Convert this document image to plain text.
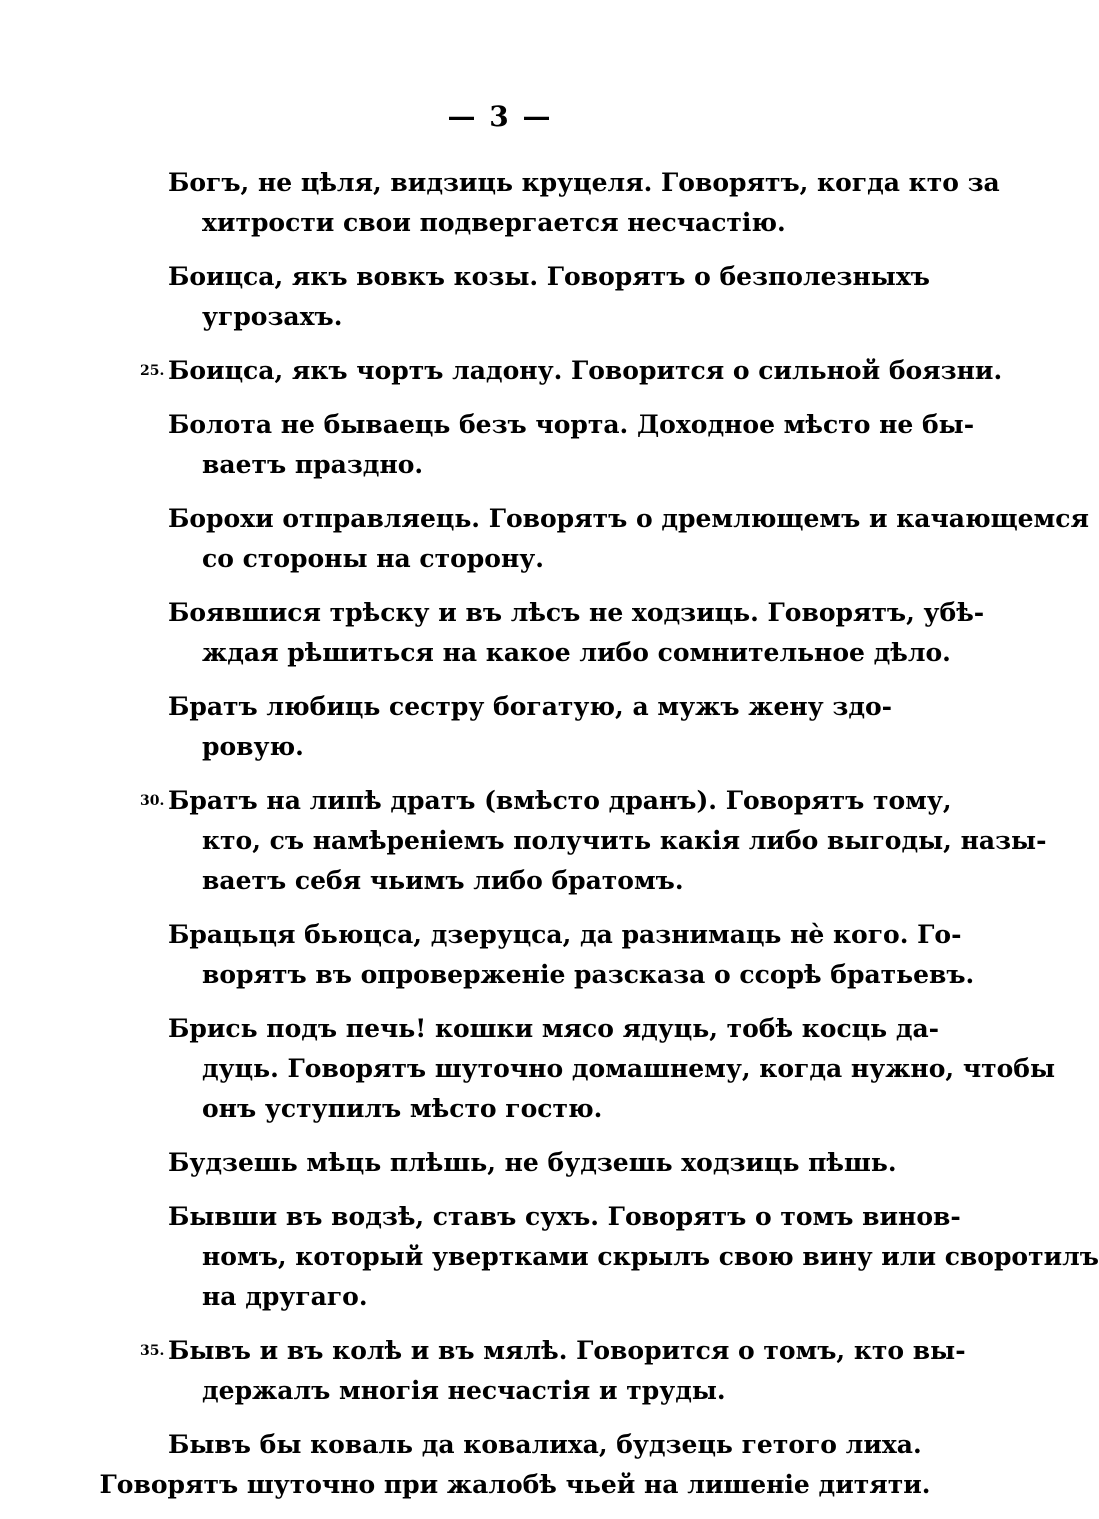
— 3 —
Богъ, не цѣля, видзиць круцеля. Говорятъ, когда кто за
хитрости свои подвергается несчастію.
Боицса, якъ вовкъ козы. Говорятъ о безполезныхъ
угрозахъ.
25. Боицса, якъ чортъ ладону. Говорится о сильной боязни.
Болота не бываець безъ чорта. Доходное мѣсто не бы-
ваетъ праздно.
Бороxи отправляець. Говорятъ о дремлющемъ и качающемся
со стороны на сторону.
Боявшися трѣску и въ лѣсъ не ходзиць. Говорятъ, убѣ-
ждая рѣшиться на какое либо сомнительное дѣло.
Братъ любиць сестру богатую, а мужъ жену здо-
ровую.
30. Братъ на липѣ дратъ (вмѣсто дранъ). Говорятъ тому,
кто, съ намѣреніемъ получить какія либо выгоды, назы-
ваетъ себя чьимъ либо братомъ.
Брацьця бьюцса, дзеруцса, да разнимаць нѐ кого. Го-
ворятъ въ опроверженіе разсказа о ссорѣ братьевъ.
Брись подъ печь! кошки мясо ядуць, тобѣ косць да-
дуць. Говорятъ шуточно домашнему, когда нужно, чтобы
онъ уступилъ мѣсто гостю.
Будзешь мѣць плѣшь, не будзешь ходзиць пѣшь.
Бывши въ водзѣ, ставъ сухъ. Говорятъ о томъ винов-
номъ, который увертками скрылъ свою вину или своротилъ
на другаго.
35. Бывъ и въ колѣ и въ мялѣ. Говорится о томъ, кто вы-
держалъ многія несчастія и труды.
Бывъ бы коваль да ковалиха, будзець гетого лиха.
Говорятъ шуточно при жалобѣ чьей на лишеніе дитяти.
